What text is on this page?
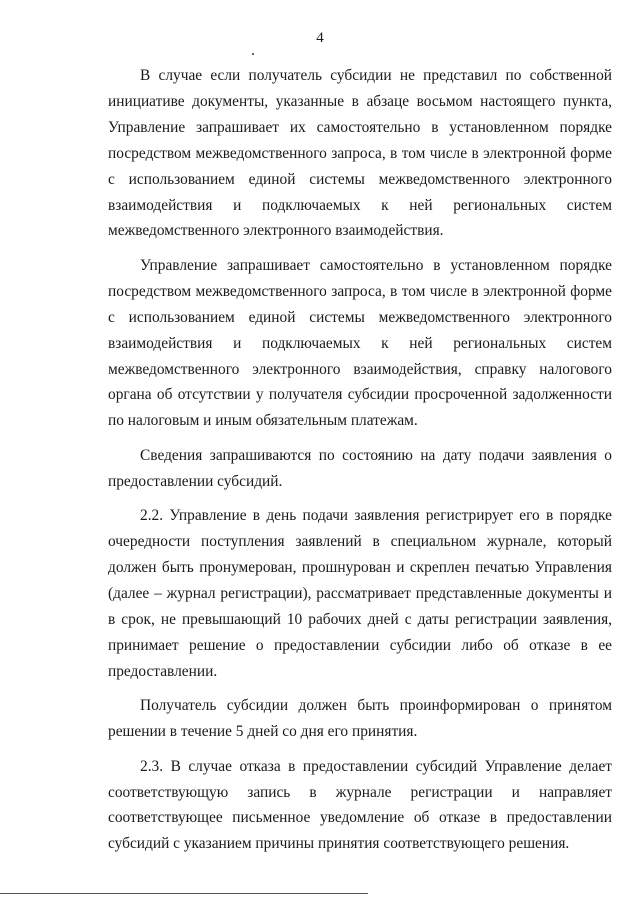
4

В случае если получатель субсидии не представил по собственной инициативе документы, указанные в абзаце восьмом настоящего пункта, Управление запрашивает их самостоятельно в установленном порядке посредством межведомственного запроса, в том числе в электронной форме с использованием единой системы межведомственного электронного взаимодействия и подключаемых к ней региональных систем межведомственного электронного взаимодействия.

Управление запрашивает самостоятельно в установленном порядке посредством межведомственного запроса, в том числе в электронной форме с использованием единой системы межведомственного электронного взаимодействия и подключаемых к ней региональных систем межведомственного электронного взаимодействия, справку налогового органа об отсутствии у получателя субсидии просроченной задолженности по налоговым и иным обязательным платежам.

Сведения запрашиваются по состоянию на дату подачи заявления о предоставлении субсидий.

2.2. Управление в день подачи заявления регистрирует его в порядке очередности поступления заявлений в специальном журнале, который должен быть пронумерован, прошнурован и скреплен печатью Управления (далее – журнал регистрации), рассматривает представленные документы и в срок, не превышающий 10 рабочих дней с даты регистрации заявления, принимает решение о предоставлении субсидии либо об отказе в ее предоставлении.

Получатель субсидии должен быть проинформирован о принятом решении в течение 5 дней со дня его принятия.

2.3. В случае отказа в предоставлении субсидий Управление делает соответствующую запись в журнале регистрации и направляет соответствующее письменное уведомление об отказе в предоставлении субсидий с указанием причины принятия соответствующего решения.
